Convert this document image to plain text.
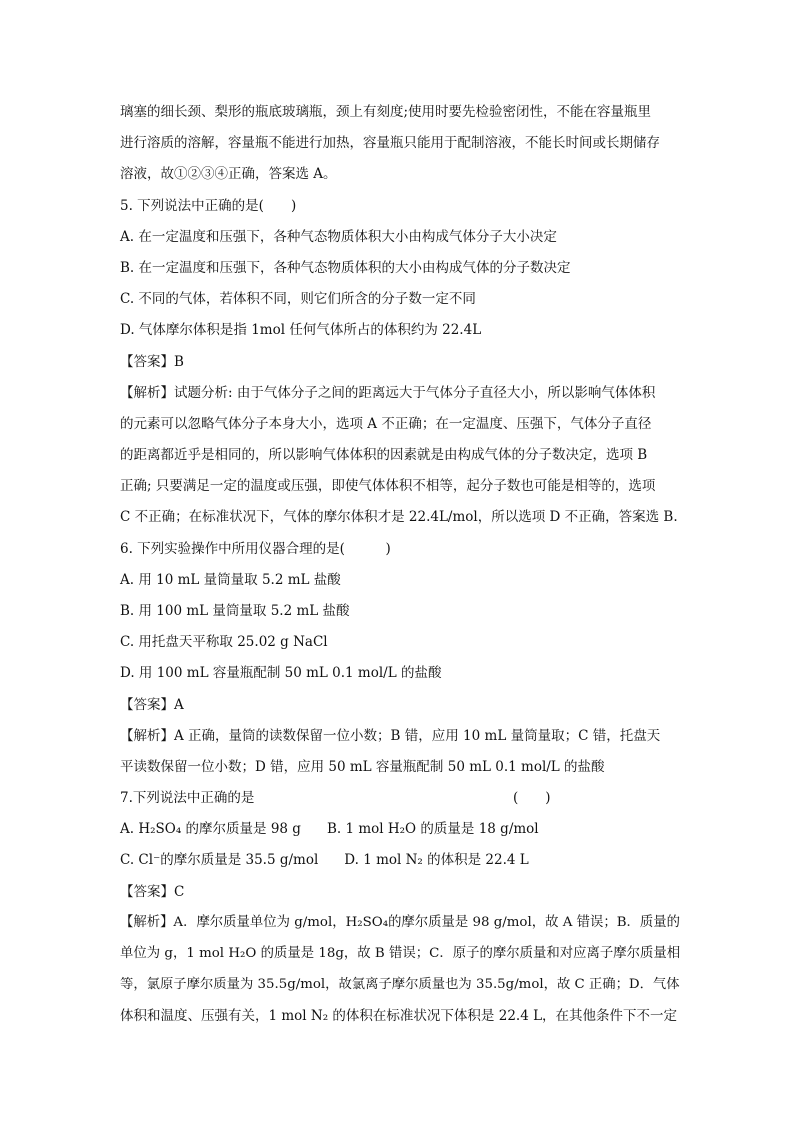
璃塞的细长颈、梨形的瓶底玻璃瓶，颈上有刻度;使用时要先检验密闭性，不能在容量瓶里
进行溶质的溶解，容量瓶不能进行加热，容量瓶只能用于配制溶液，不能长时间或长期储存
溶液，故①②③④正确，答案选 A。
5. 下列说法中正确的是(　　)
A. 在一定温度和压强下，各种气态物质体积大小由构成气体分子大小决定
B. 在一定温度和压强下，各种气态物质体积的大小由构成气体的分子数决定
C. 不同的气体，若体积不同，则它们所含的分子数一定不同
D. 气体摩尔体积是指 1mol 任何气体所占的体积约为 22.4L
【答案】B
【解析】试题分析: 由于气体分子之间的距离远大于气体分子直径大小，所以影响气体体积
的元素可以忽略气体分子本身大小，选项 A 不正确；在一定温度、压强下，气体分子直径
的距离都近乎是相同的，所以影响气体体积的因素就是由构成气体的分子数决定，选项 B
正确; 只要满足一定的温度或压强，即使气体体积不相等，起分子数也可能是相等的，选项
C 不正确；在标准状况下，气体的摩尔体积才是 22.4L/mol，所以选项 D 不正确，答案选 B.
6. 下列实验操作中所用仪器合理的是(　　　)
A. 用 10 mL 量筒量取 5.2 mL 盐酸
B. 用 100 mL 量筒量取 5.2 mL 盐酸
C. 用托盘天平称取 25.02 g NaCl
D. 用 100 mL 容量瓶配制 50 mL 0.1 mol/L 的盐酸
【答案】A
【解析】A 正确，量筒的读数保留一位小数；B 错，应用 10 mL 量筒量取；C 错，托盘天
平读数保留一位小数；D 错，应用 50 mL 容量瓶配制 50 mL 0.1 mol/L 的盐酸
7.下列说法中正确的是	(　　)
A. H₂SO₄ 的摩尔质量是 98 g B. 1 mol H₂O 的质量是 18 g/mol
C. Cl⁻的摩尔质量是 35.5 g/mol D. 1 mol N₂ 的体积是 22.4 L
【答案】C
【解析】A．摩尔质量单位为 g/mol，H₂SO₄的摩尔质量是 98 g/mol，故 A 错误；B．质量的
单位为 g，1 mol H₂O 的质量是 18g，故 B 错误；C．原子的摩尔质量和对应离子摩尔质量相
等，氯原子摩尔质量为 35.5g/mol，故氯离子摩尔质量也为 35.5g/mol，故 C 正确；D．气体
体积和温度、压强有关，1 mol N₂ 的体积在标准状况下体积是 22.4 L，在其他条件下不一定
